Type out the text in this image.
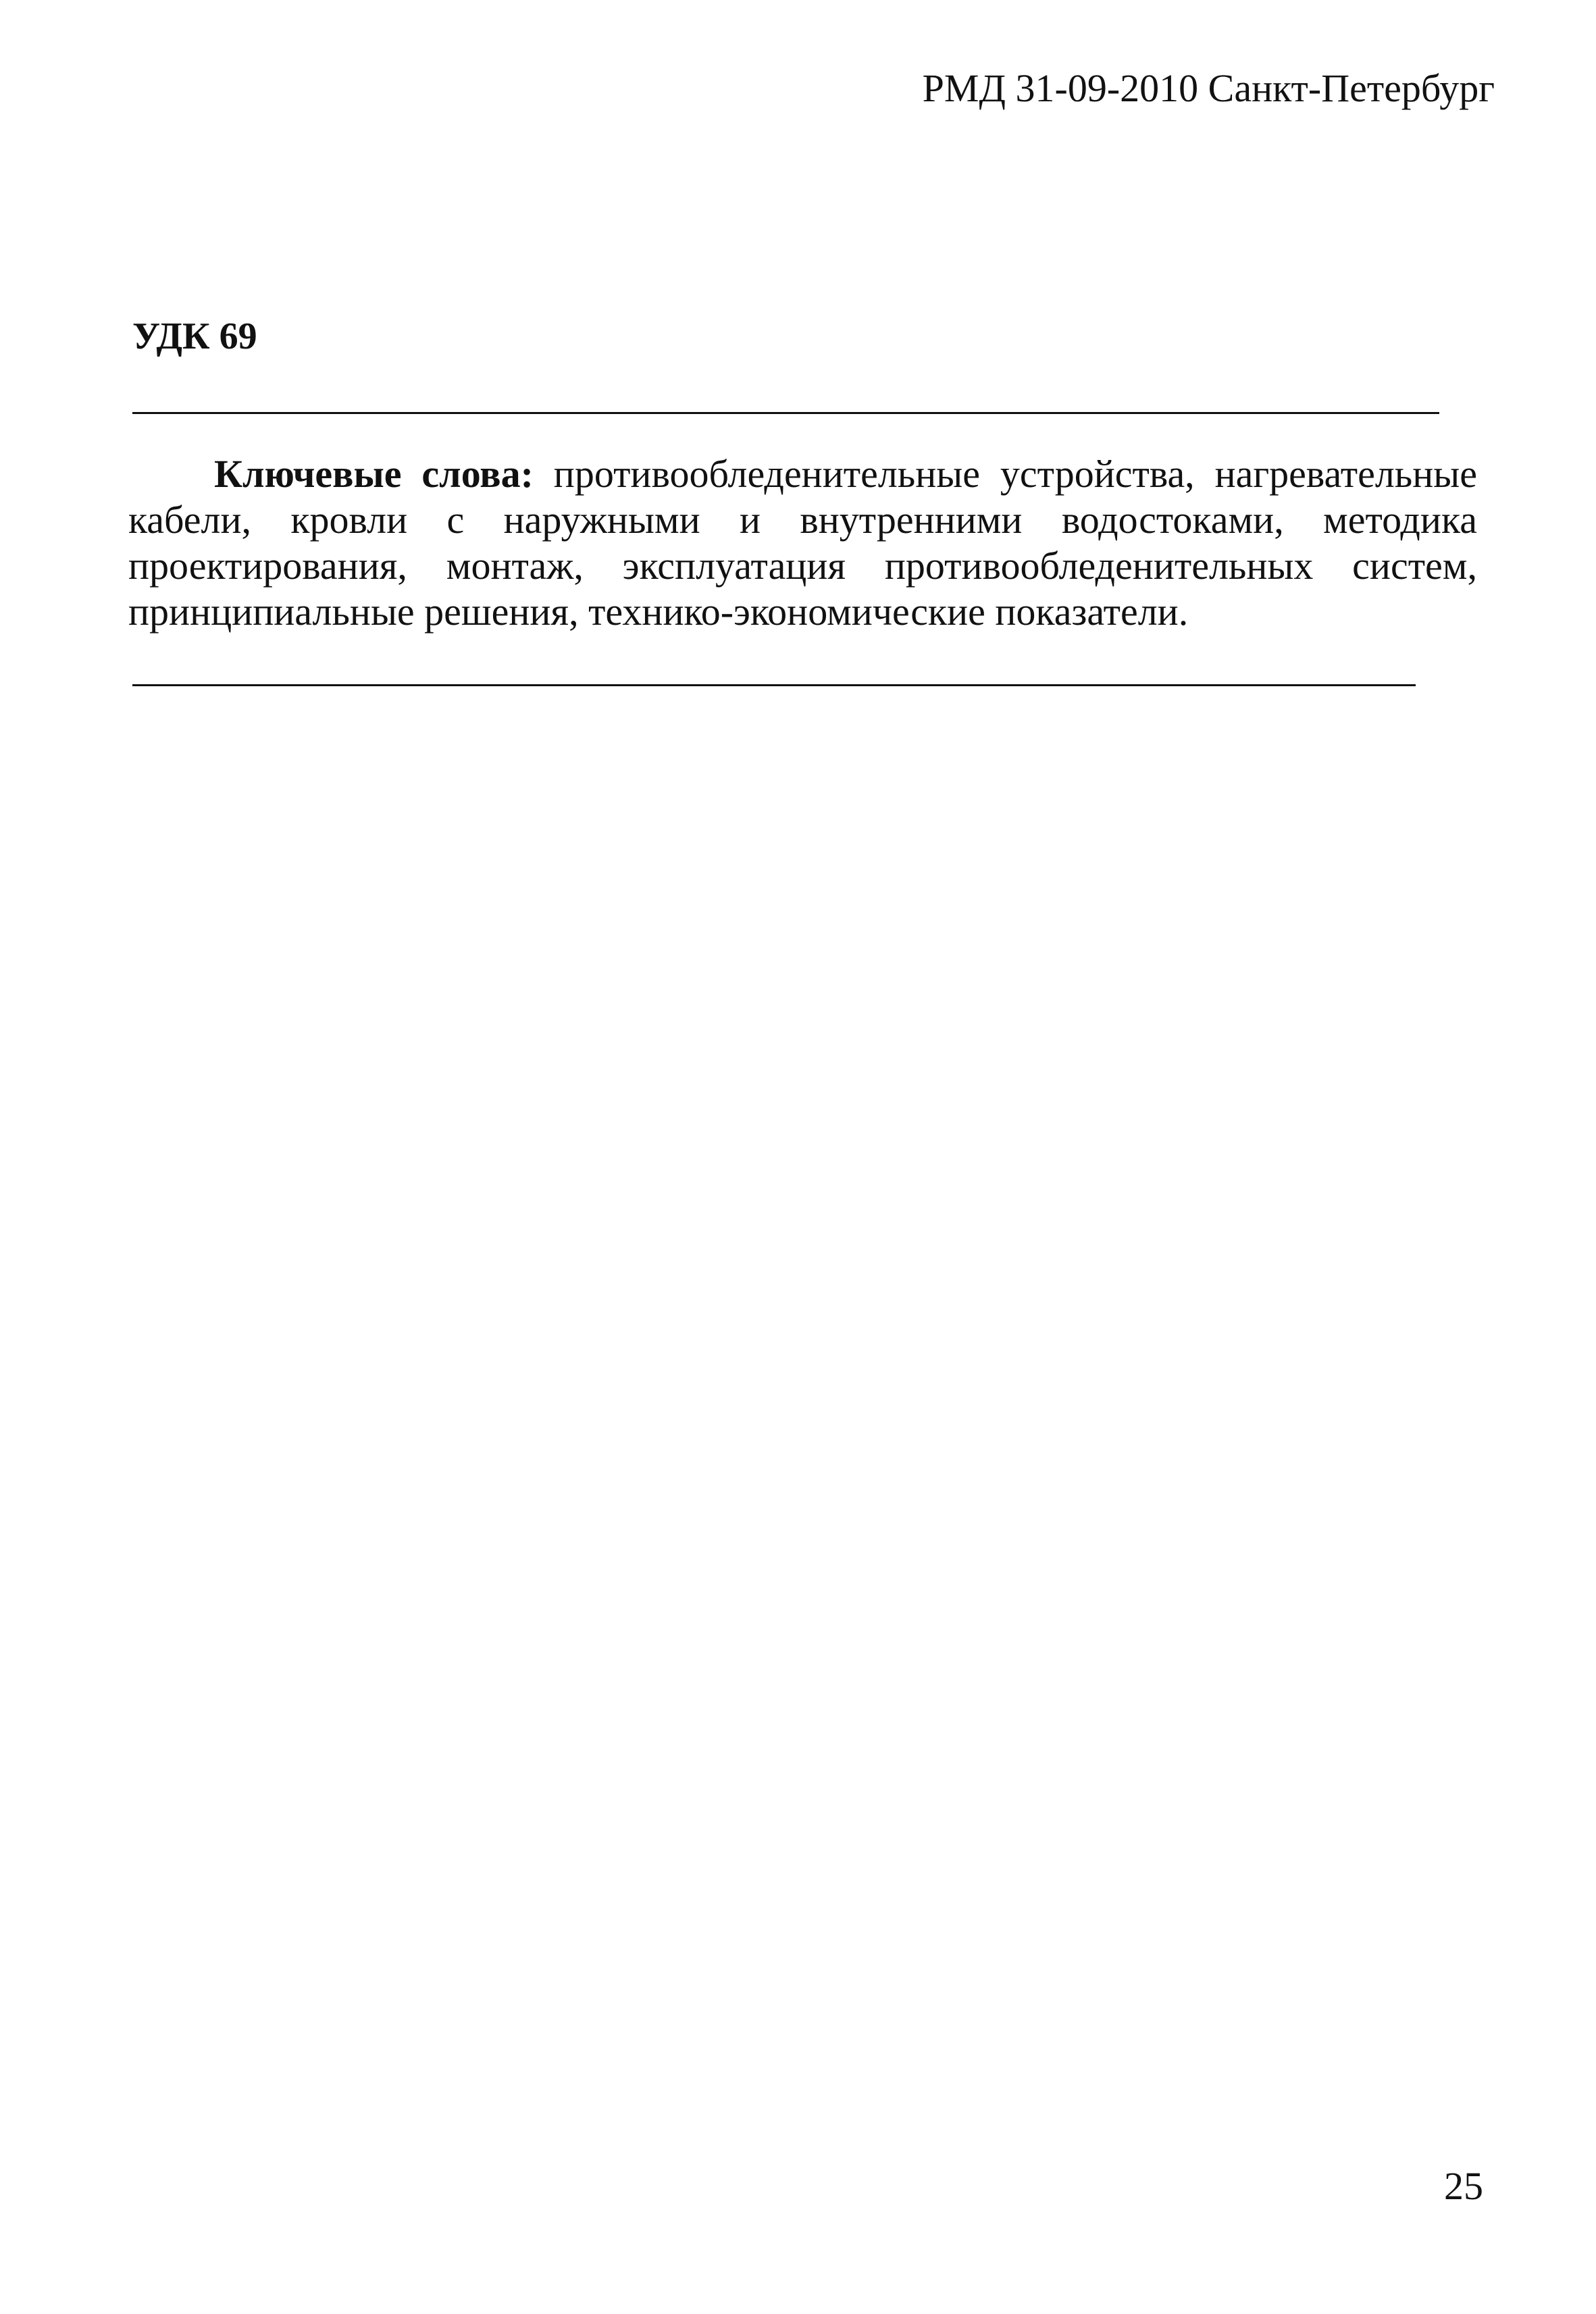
РМД 31-09-2010 Санкт-Петербург
УДК 69

Ключевые слова: противообледенительные устройства, нагревательные кабели, кровли с наружными и внутренними водостоками, методика проектирования, монтаж, эксплуатация противообледенительных систем, принципиальные решения, технико-экономические показатели.

25
